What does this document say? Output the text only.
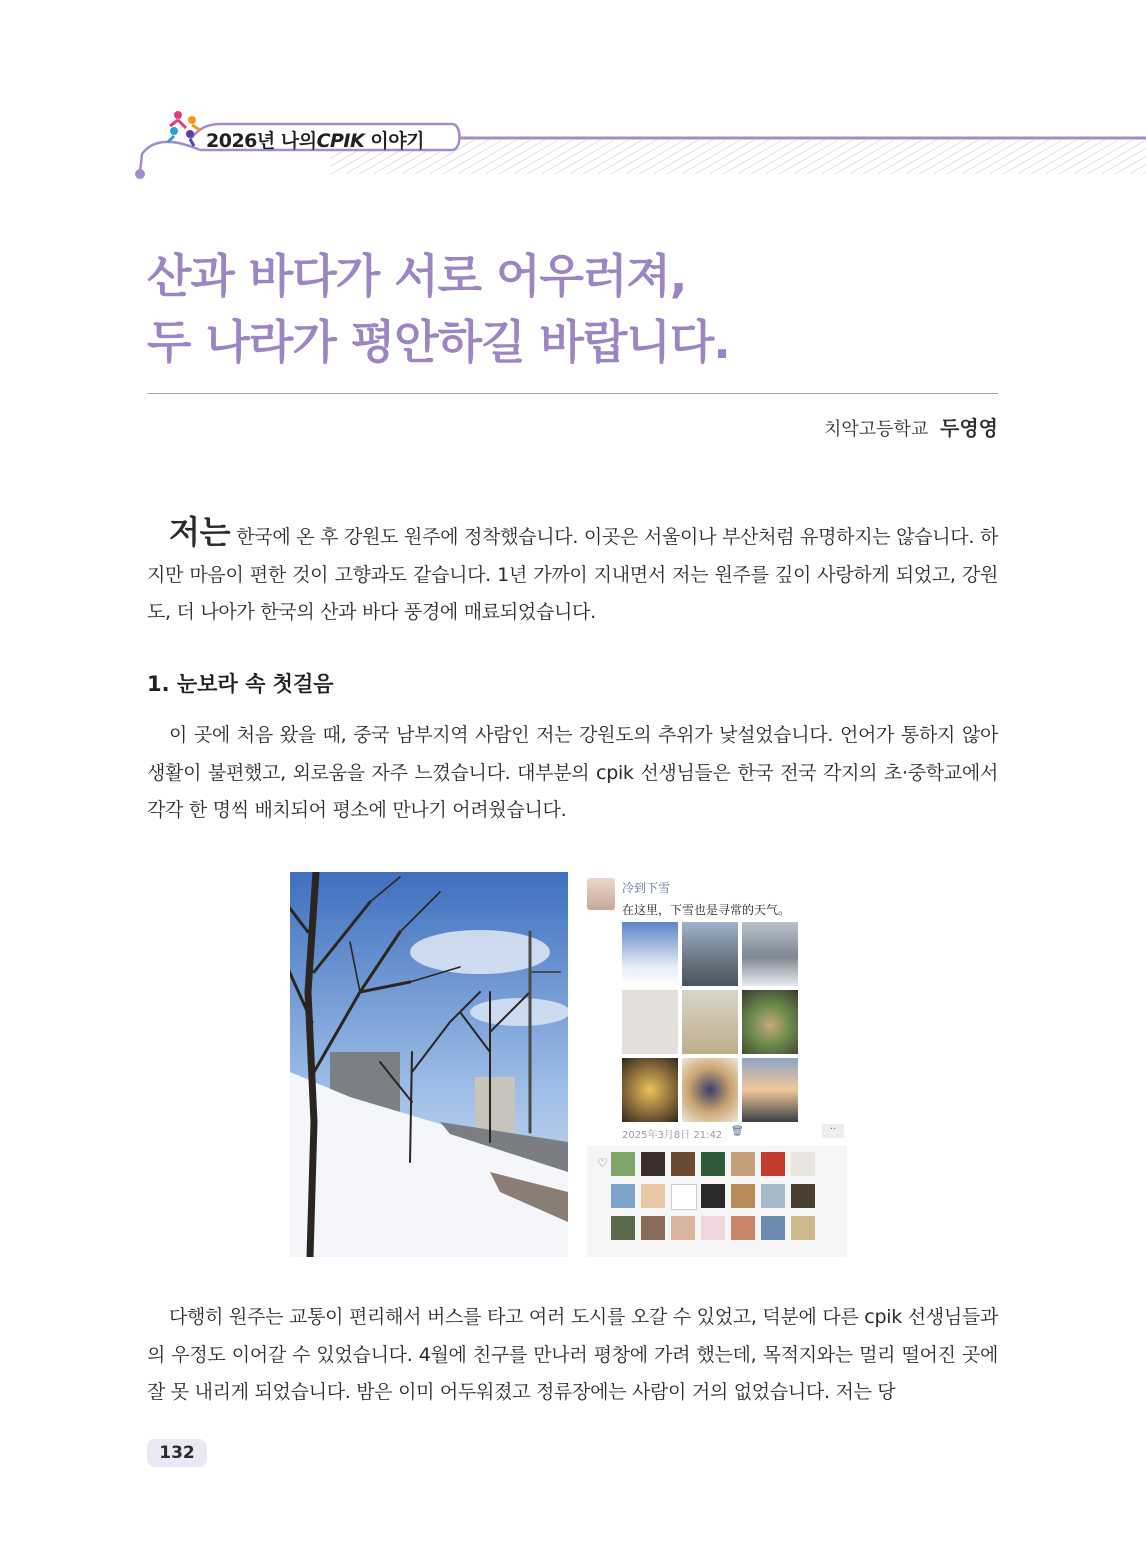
2026년 나의CPIK 이야기
산과 바다가 서로 어우러져,
두 나라가 평안하길 바랍니다.
치악고등학교 두영영
저는 한국에 온 후 강원도 원주에 정착했습니다. 이곳은 서울이나 부산처럼 유명하지는 않습니다. 하지만 마음이 편한 것이 고향과도 같습니다. 1년 가까이 지내면서 저는 원주를 깊이 사랑하게 되었고, 강원도, 더 나아가 한국의 산과 바다 풍경에 매료되었습니다.
1. 눈보라 속 첫걸음
이 곳에 처음 왔을 때, 중국 남부지역 사람인 저는 강원도의 추위가 낯설었습니다. 언어가 통하지 않아 생활이 불편했고, 외로움을 자주 느꼈습니다. 대부분의 cpik 선생님들은 한국 전국 각지의 초·중학교에서 각각 한 명씩 배치되어 평소에 만나기 어려웠습니다.
冷到下雪
在这里，下雪也是寻常的天气。
2025年3月8日 21:42 🗑︎	··
♡
다행히 원주는 교통이 편리해서 버스를 타고 여러 도시를 오갈 수 있었고, 덕분에 다른 cpik 선생님들과의 우정도 이어갈 수 있었습니다. 4월에 친구를 만나러 평창에 가려 했는데, 목적지와는 멀리 떨어진 곳에 잘 못 내리게 되었습니다. 밤은 이미 어두워졌고 정류장에는 사람이 거의 없었습니다. 저는 당
132
